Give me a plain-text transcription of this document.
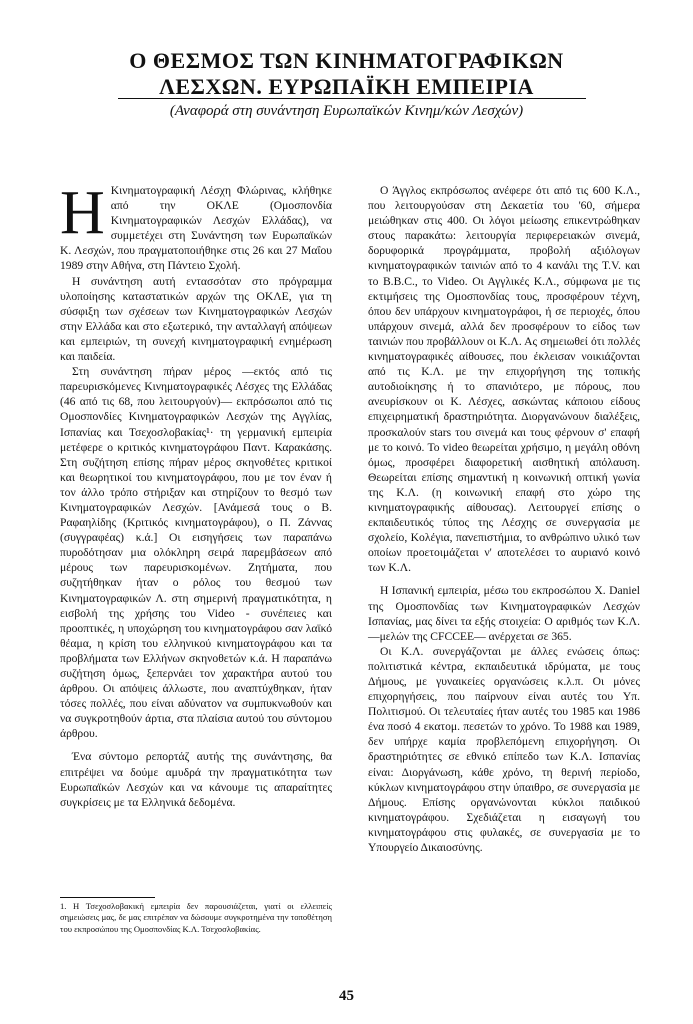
Ο ΘΕΣΜΟΣ ΤΩΝ ΚΙΝΗΜΑΤΟΓΡΑΦΙΚΩΝ
ΛΕΣΧΩΝ. ΕΥΡΩΠΑΪΚΗ ΕΜΠΕΙΡΙΑ
(Αναφορά στη συνάντηση Ευρωπαϊκών Κινημ/κών Λεσχών)

Η Κινηματογραφική Λέσχη Φλώρινας, κλήθηκε από την ΟΚΛΕ (Ομοσπονδία Κινηματογραφικών Λεσχών Ελλάδας), να συμμετέχει στη Συνάντηση των Ευρωπαϊκών Κ. Λεσχών, που πραγματοποιήθηκε στις 26 και 27 Μαΐου 1989 στην Αθήνα, στη Πάντειο Σχολή.

Η συνάντηση αυτή εντασσόταν στο πρόγραμμα υλοποίησης καταστατικών αρχών της ΟΚΛΕ, για τη σύσφιξη των σχέσεων των Κινηματογραφικών Λεσχών στην Ελλάδα και στο εξωτερικό, την ανταλλαγή απόψεων και εμπειριών, τη συνεχή κινηματογραφική ενημέρωση και παιδεία.

Στη συνάντηση πήραν μέρος —εκτός από τις παρευρισκόμενες Κινηματογραφικές Λέσχες της Ελλάδας (46 από τις 68, που λειτουργούν)— εκπρόσωποι από τις Ομοσπονδίες Κινηματογραφικών Λεσχών της Αγγλίας, Ισπανίας και Τσεχοσλοβακίας¹· τη γερμανική εμπειρία μετέφερε ο κριτικός κινηματογράφου Παντ. Καρακάσης. Στη συζήτηση επίσης πήραν μέρος σκηνοθέτες κριτικοί και θεωρητικοί του κινηματογράφου, που με τον έναν ή τον άλλο τρόπο στήριξαν και στηρίζουν το θεσμό των Κινηματογραφικών Λεσχών. [Ανάμεσά τους ο Β. Ραφαηλίδης (Κριτικός κινηματογράφου), ο Π. Ζάννας (συγγραφέας) κ.ά.] Οι εισηγήσεις των παραπάνω πυροδότησαν μια ολόκληρη σειρά παρεμβάσεων από μέρους των παρευρισκομένων. Ζητήματα, που συζητήθηκαν ήταν ο ρόλος του θεσμού των Κινηματογραφικών Λ. στη σημερινή πραγματικότητα, η εισβολή της χρήσης του Video - συνέπειες και προοπτικές, η υποχώρηση του κινηματογράφου σαν λαϊκό θέαμα, η κρίση του ελληνικού κινηματογράφου και τα προβλήματα των Ελλήνων σκηνοθετών κ.ά. Η παραπάνω συζήτηση όμως, ξεπερνάει τον χαρακτήρα αυτού του άρθρου. Οι απόψεις άλλωστε, που αναπτύχθηκαν, ήταν τόσες πολλές, που είναι αδύνατον να συμπυκνωθούν και να συγκροτηθούν άρτια, στα πλαίσια αυτού του σύντομου άρθρου.

Ένα σύντομο ρεπορτάζ αυτής της συνάντησης, θα επιτρέψει να δούμε αμυδρά την πραγματικότητα των Ευρωπαϊκών Λεσχών και να κάνουμε τις απαραίτητες συγκρίσεις με τα Ελληνικά δεδομένα.

Ο Άγγλος εκπρόσωπος ανέφερε ότι από τις 600 Κ.Λ., που λειτουργούσαν στη Δεκαετία του '60, σήμερα μειώθηκαν στις 400. Οι λόγοι μείωσης επικεντρώθηκαν στους παρακάτω: λειτουργία περιφερειακών σινεμά, δορυφορικά προγράμματα, προβολή αξιόλογων κινηματογραφικών ταινιών από το 4 κανάλι της T.V. και το B.B.C., το Video. Οι Αγγλικές Κ.Λ., σύμφωνα με τις εκτιμήσεις της Ομοσπονδίας τους, προσφέρουν τέχνη, όπου δεν υπάρχουν κινηματογράφοι, ή σε περιοχές, όπου υπάρχουν σινεμά, αλλά δεν προσφέρουν το είδος των ταινιών που προβάλλουν οι Κ.Λ. Ας σημειωθεί ότι πολλές κινηματογραφικές αίθουσες, που έκλεισαν νοικιάζονται από τις Κ.Λ. με την επιχορήγηση της τοπικής αυτοδιοίκησης ή το σπανιότερο, με πόρους, που ανευρίσκουν οι Κ. Λέσχες, ασκώντας κάποιου είδους επιχειρηματική δραστηριότητα. Διοργανώνουν διαλέξεις, προσκαλούν stars του σινεμά και τους φέρνουν σ' επαφή με το κοινό. Το video θεωρείται χρήσιμο, η μεγάλη οθόνη όμως, προσφέρει διαφορετική αισθητική απόλαυση. Θεωρείται επίσης σημαντική η κοινωνική οπτική γωνία της Κ.Λ. (η κοινωνική επαφή στο χώρο της κινηματογραφικής αίθουσας). Λειτουργεί επίσης ο εκπαιδευτικός τύπος της Λέσχης σε συνεργασία με σχολείο, Κολέγια, πανεπιστήμια, το ανθρώπινο υλικό των οποίων προετοιμάζεται ν' αποτελέσει το αυριανό κοινό των Κ.Λ.

Η Ισπανική εμπειρία, μέσω του εκπροσώπου X. Daniel της Ομοσπονδίας των Κινηματογραφικών Λεσχών Ισπανίας, μας δίνει τα εξής στοιχεία: Ο αριθμός των Κ.Λ. —μελών της CFCCEE— ανέρχεται σε 365.

Οι Κ.Λ. συνεργάζονται με άλλες ενώσεις όπως: πολιτιστικά κέντρα, εκπαιδευτικά ιδρύματα, με τους Δήμους, με γυναικείες οργανώσεις κ.λ.π. Οι μόνες επιχορηγήσεις, που παίρνουν είναι αυτές του Υπ. Πολιτισμού. Οι τελευταίες ήταν αυτές του 1985 και 1986 ένα ποσό 4 εκατομ. πεσετών το χρόνο. Το 1988 και 1989, δεν υπήρχε καμία προβλεπόμενη επιχορήγηση. Οι δραστηριότητες σε εθνικό επίπεδο των Κ.Λ. Ισπανίας είναι: Διοργάνωση, κάθε χρόνο, τη θερινή περίοδο, κύκλων κινηματογράφου στην ύπαιθρο, σε συνεργασία με Δήμους. Επίσης οργανώνονται κύκλοι παιδικού κινηματογράφου. Σχεδιάζεται η εισαγωγή του κινηματογράφου στις φυλακές, σε συνεργασία με το Υπουργείο Δικαιοσύνης.

1. Η Τσεχοσλοβακική εμπειρία δεν παρουσιάζεται, γιατί οι ελλειπείς σημειώσεις μας, δε μας επιτρέπαν να δώσουμε συγκροτημένα την τοποθέτηση του εκπροσώπου της Ομοσπονδίας Κ.Λ. Τσεχοσλοβακίας.
45
